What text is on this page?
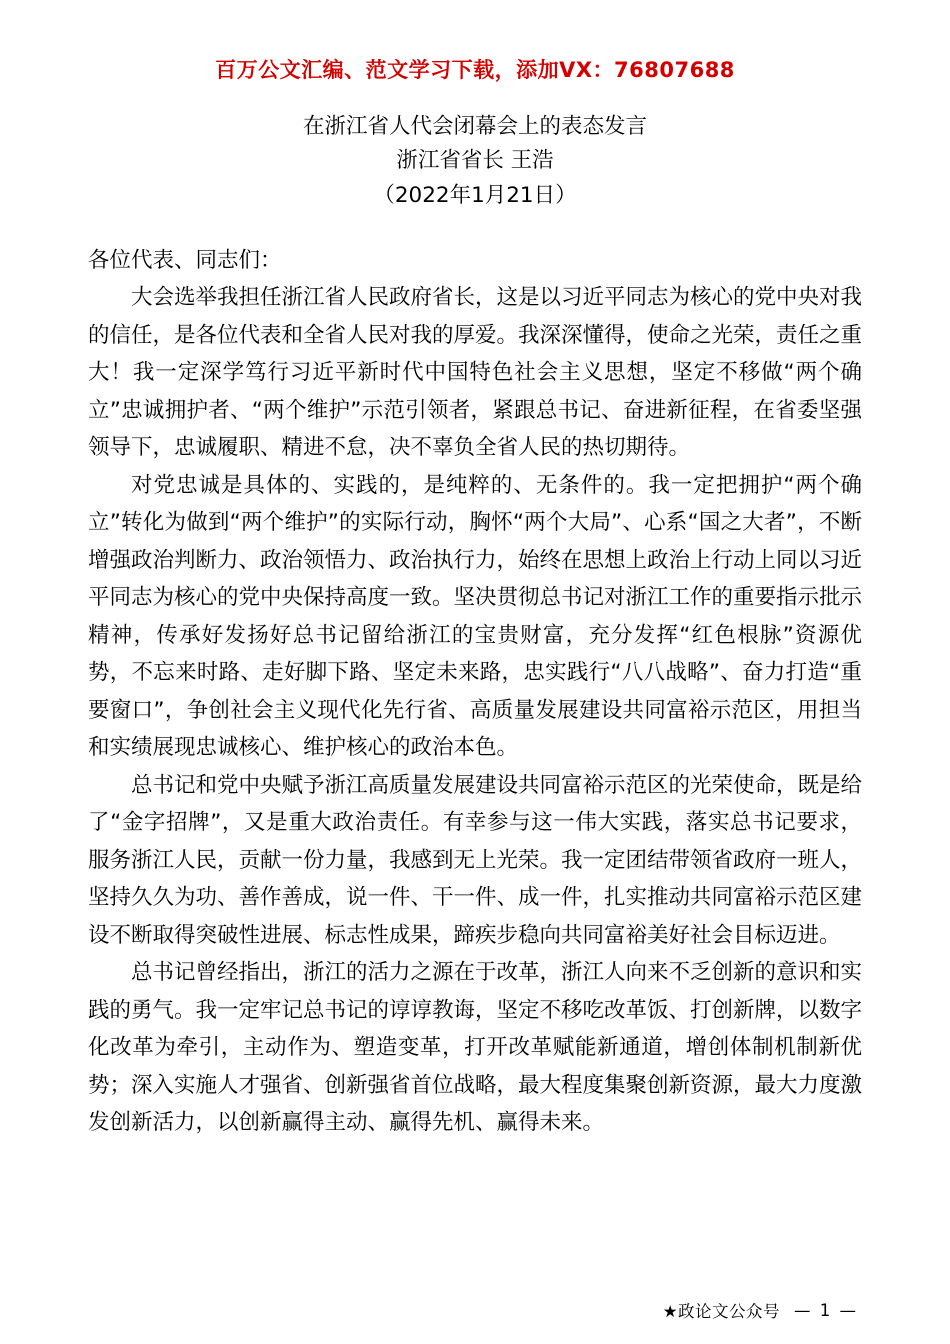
百万公文汇编、范文学习下载，添加VX：76807688
在浙江省人代会闭幕会上的表态发言
浙江省省长 王浩
（2022年1月21日）

各位代表、同志们：

大会选举我担任浙江省人民政府省长，这是以习近平同志为核心的党中央对我的信任，是各位代表和全省人民对我的厚爱。我深深懂得，使命之光荣，责任之重大！我一定深学笃行习近平新时代中国特色社会主义思想，坚定不移做“两个确立”忠诚拥护者、“两个维护”示范引领者，紧跟总书记、奋进新征程，在省委坚强领导下，忠诚履职、精进不怠，决不辜负全省人民的热切期待。

对党忠诚是具体的、实践的，是纯粹的、无条件的。我一定把拥护“两个确立”转化为做到“两个维护”的实际行动，胸怀“两个大局”、心系“国之大者”，不断增强政治判断力、政治领悟力、政治执行力，始终在思想上政治上行动上同以习近平同志为核心的党中央保持高度一致。坚决贯彻总书记对浙江工作的重要指示批示精神，传承好发扬好总书记留给浙江的宝贵财富，充分发挥“红色根脉”资源优势，不忘来时路、走好脚下路、坚定未来路，忠实践行“八八战略”、奋力打造“重要窗口”，争创社会主义现代化先行省、高质量发展建设共同富裕示范区，用担当和实绩展现忠诚核心、维护核心的政治本色。

总书记和党中央赋予浙江高质量发展建设共同富裕示范区的光荣使命，既是给了“金字招牌”，又是重大政治责任。有幸参与这一伟大实践，落实总书记要求，服务浙江人民，贡献一份力量，我感到无上光荣。我一定团结带领省政府一班人，坚持久久为功、善作善成，说一件、干一件、成一件，扎实推动共同富裕示范区建设不断取得突破性进展、标志性成果，蹄疾步稳向共同富裕美好社会目标迈进。

总书记曾经指出，浙江的活力之源在于改革，浙江人向来不乏创新的意识和实践的勇气。我一定牢记总书记的谆谆教诲，坚定不移吃改革饭、打创新牌，以数字化改革为牵引，主动作为、塑造变革，打开改革赋能新通道，增创体制机制新优势；深入实施人才强省、创新强省首位战略，最大程度集聚创新资源，最大力度激发创新活力，以创新赢得主动、赢得先机、赢得未来。

★政论文公众号 — 1 —
